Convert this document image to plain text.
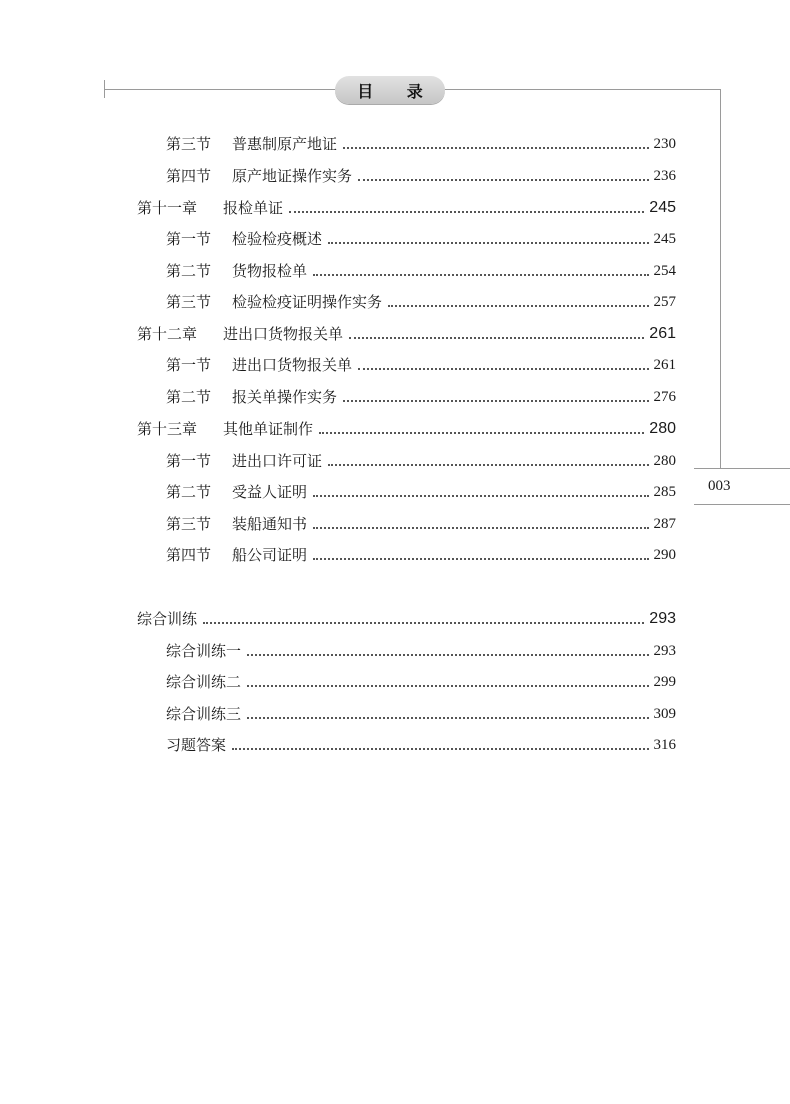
目 录
003
第三节 普惠制原产地证	230
第四节 原产地证操作实务	236
第十一章 报检单证	245
第一节 检验检疫概述	245
第二节 货物报检单	254
第三节 检验检疫证明操作实务	257
第十二章 进出口货物报关单	261
第一节 进出口货物报关单	261
第二节 报关单操作实务	276
第十三章 其他单证制作	280
第一节 进出口许可证	280
第二节 受益人证明	285
第三节 装船通知书	287
第四节 船公司证明	290
综合训练	293
综合训练一	293
综合训练二	299
综合训练三	309
习题答案	316
